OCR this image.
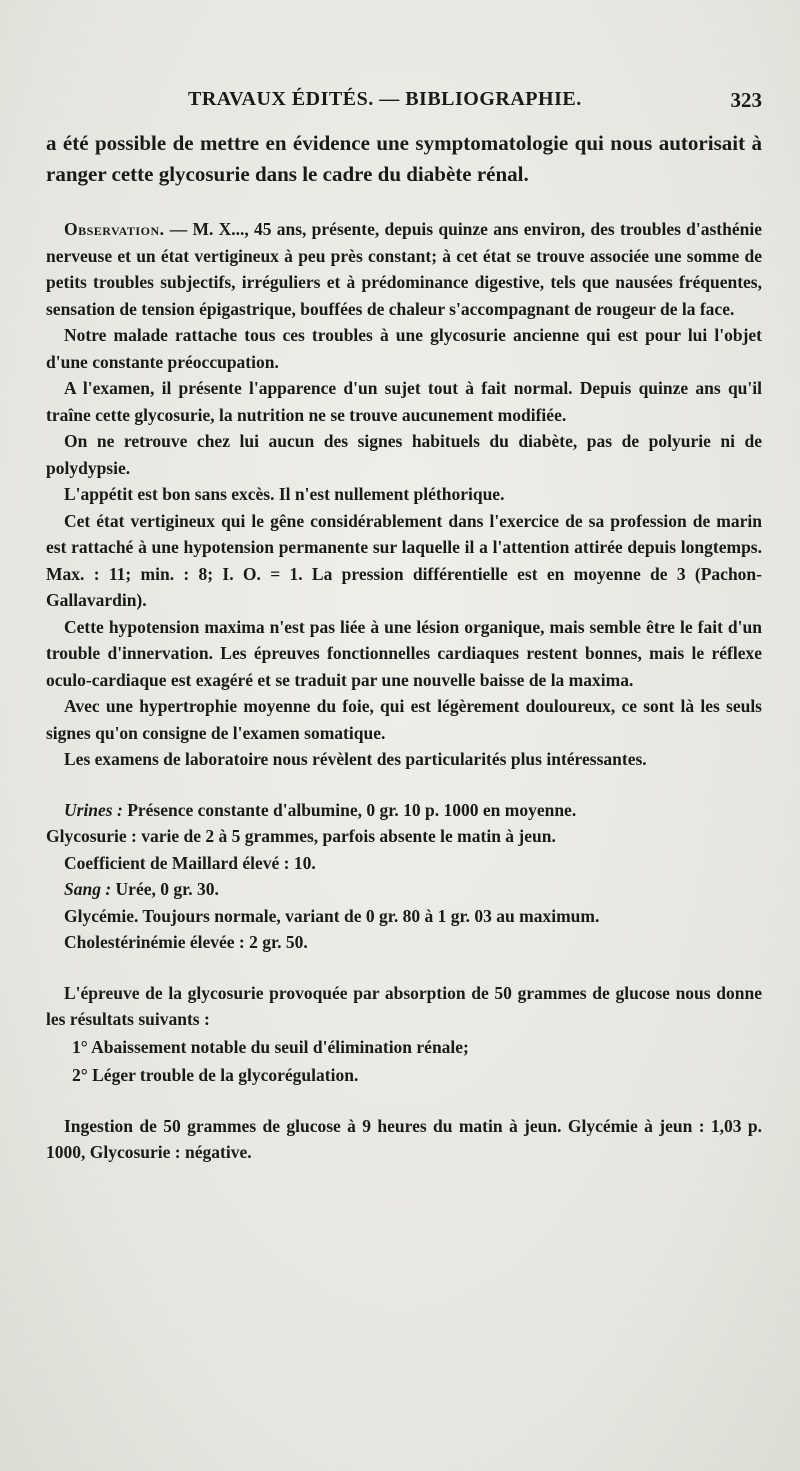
TRAVAUX ÉDITÉS. — BIBLIOGRAPHIE.	323

a été possible de mettre en évidence une symptomatologie qui nous autorisait à ranger cette glycosurie dans le cadre du diabète rénal.

Observation. — M. X..., 45 ans, présente, depuis quinze ans environ, des troubles d'asthénie nerveuse et un état vertigineux à peu près constant; à cet état se trouve associée une somme de petits troubles subjectifs, irréguliers et à prédominance digestive, tels que nausées fréquentes, sensation de tension épigastrique, bouffées de chaleur s'accompagnant de rougeur de la face.

Notre malade rattache tous ces troubles à une glycosurie ancienne qui est pour lui l'objet d'une constante préoccupation.

A l'examen, il présente l'apparence d'un sujet tout à fait normal. Depuis quinze ans qu'il traîne cette glycosurie, la nutrition ne se trouve aucunement modifiée.

On ne retrouve chez lui aucun des signes habituels du diabète, pas de polyurie ni de polydypsie.

L'appétit est bon sans excès. Il n'est nullement pléthorique.

Cet état vertigineux qui le gêne considérablement dans l'exercice de sa profession de marin est rattaché à une hypotension permanente sur laquelle il a l'attention attirée depuis longtemps. Max. : 11; min. : 8; I. O. = 1. La pression différentielle est en moyenne de 3 (Pachon-Gallavardin).

Cette hypotension maxima n'est pas liée à une lésion organique, mais semble être le fait d'un trouble d'innervation. Les épreuves fonctionnelles cardiaques restent bonnes, mais le réflexe oculo-cardiaque est exagéré et se traduit par une nouvelle baisse de la maxima.

Avec une hypertrophie moyenne du foie, qui est légèrement douloureux, ce sont là les seuls signes qu'on consigne de l'examen somatique.

Les examens de laboratoire nous révèlent des particularités plus intéressantes.

Urines : Présence constante d'albumine, 0 gr. 10 p. 1000 en moyenne.

Glycosurie : varie de 2 à 5 grammes, parfois absente le matin à jeun.

Coefficient de Maillard élevé : 10.

Sang : Urée, 0 gr. 30.

Glycémie. Toujours normale, variant de 0 gr. 80 à 1 gr. 03 au maximum.

Cholestérinémie élevée : 2 gr. 50.

L'épreuve de la glycosurie provoquée par absorption de 50 grammes de glucose nous donne les résultats suivants :

1° Abaissement notable du seuil d'élimination rénale;

2° Léger trouble de la glycorégulation.

Ingestion de 50 grammes de glucose à 9 heures du matin à jeun. Glycémie à jeun : 1,03 p. 1000, Glycosurie : négative.
